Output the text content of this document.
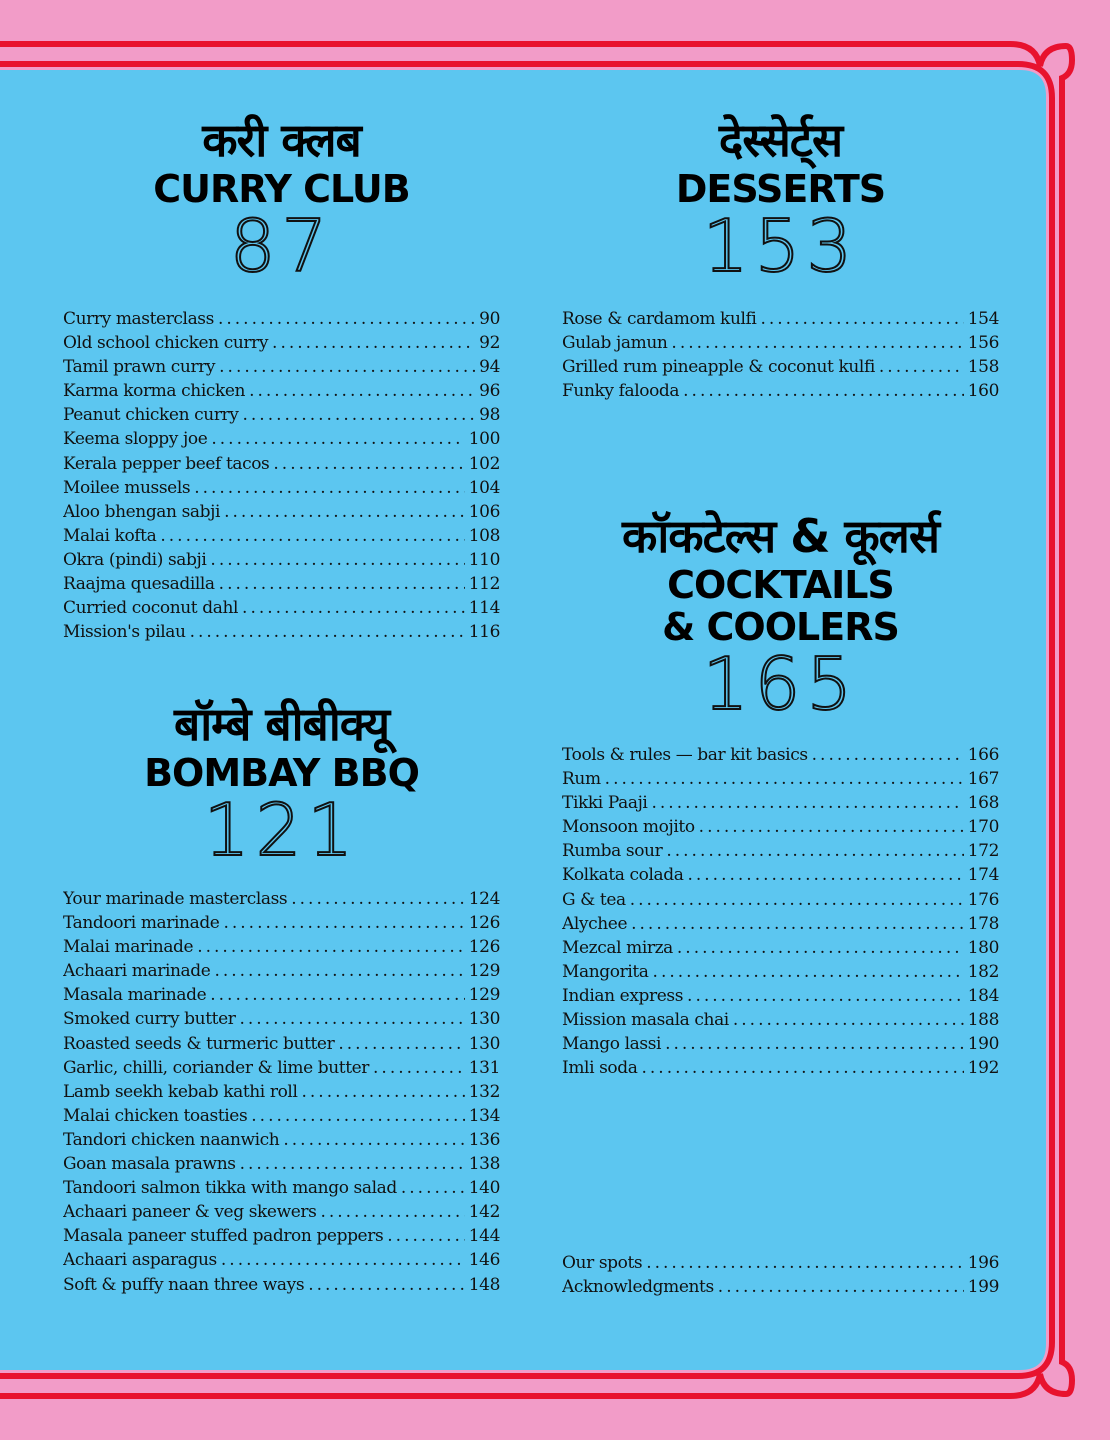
करी क्लब
CURRY CLUB
87
Curry masterclass .....	90
Old school chicken curry .....	92
Tamil prawn curry .....	94
Karma korma chicken .....	96
Peanut chicken curry .....	98
Keema sloppy joe .....	100
Kerala pepper beef tacos .....	102
Moilee mussels .....	104
Aloo bhengan sabji .....	106
Malai kofta .....	108
Okra (pindi) sabji .....	110
Raajma quesadilla .....	112
Curried coconut dahl .....	114
Mission's pilau .....	116
बॉम्बे बीबीक्यू
BOMBAY BBQ
121
Your marinade masterclass .....	124
Tandoori marinade .....	126
Malai marinade .....	126
Achaari marinade .....	129
Masala marinade .....	129
Smoked curry butter .....	130
Roasted seeds & turmeric butter .....	130
Garlic, chilli, coriander & lime butter .....	131
Lamb seekh kebab kathi roll .....	132
Malai chicken toasties .....	134
Tandori chicken naanwich .....	136
Goan masala prawns .....	138
Tandoori salmon tikka with mango salad .....	140
Achaari paneer & veg skewers .....	142
Masala paneer stuffed padron peppers .....	144
Achaari asparagus .....	146
Soft & puffy naan three ways .....	148
देस्सेर्ट्स
DESSERTS
153
Rose & cardamom kulfi .....	154
Gulab jamun .....	156
Grilled rum pineapple & coconut kulfi .....	158
Funky falooda .....	160
कॉकटेल्स & कूलर्स
COCKTAILS
& COOLERS
165
Tools & rules — bar kit basics .....	166
Rum .....	167
Tikki Paaji .....	168
Monsoon mojito .....	170
Rumba sour .....	172
Kolkata colada .....	174
G & tea .....	176
Alychee .....	178
Mezcal mirza .....	180
Mangorita .....	182
Indian express .....	184
Mission masala chai .....	188
Mango lassi .....	190
Imli soda .....	192
Our spots .....	196
Acknowledgments .....	199
